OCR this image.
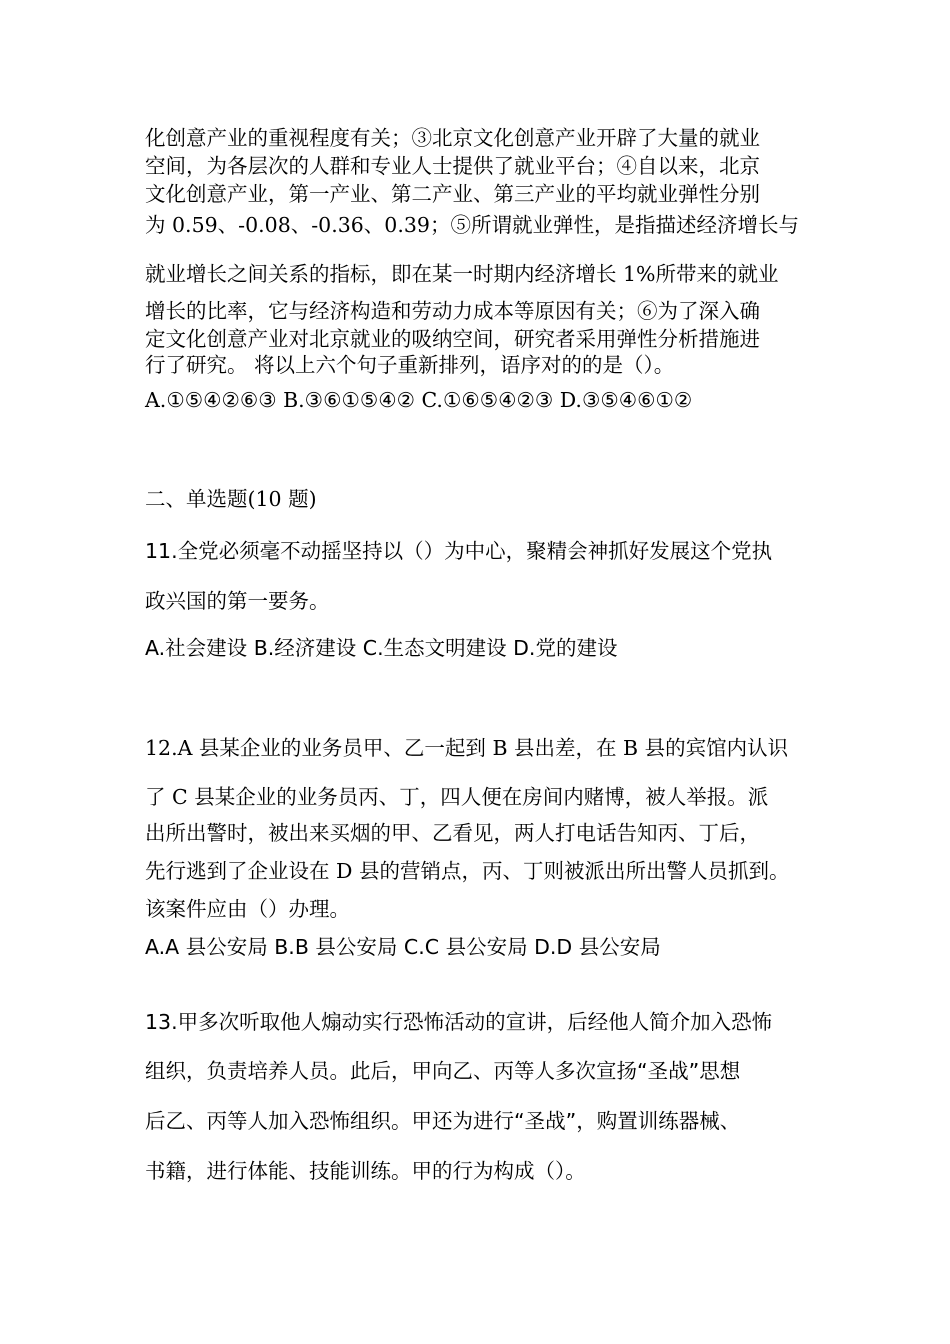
化创意产业的重视程度有关；③北京文化创意产业开辟了大量的就业
空间，为各层次的人群和专业人士提供了就业平台；④自以来，北京
文化创意产业，第一产业、第二产业、第三产业的平均就业弹性分别
为 0.59、-0.08、-0.36、0.39；⑤所谓就业弹性，是指描述经济增长与
就业增长之间关系的指标，即在某一时期内经济增长 1%所带来的就业
增长的比率，它与经济构造和劳动力成本等原因有关；⑥为了深入确
定文化创意产业对北京就业的吸纳空间，研究者采用弹性分析措施进
行了研究。 将以上六个句子重新排列，语序对的的是（）。
A.①⑤④②⑥③ B.③⑥①⑤④② C.①⑥⑤④②③ D.③⑤④⑥①②
二、单选题(10 题)
11.全党必须毫不动摇坚持以（）为中心，聚精会神抓好发展这个党执
政兴国的第一要务。
A.社会建设 B.经济建设 C.生态文明建设 D.党的建设
12.A 县某企业的业务员甲、乙一起到 B 县出差，在 B 县的宾馆内认识
了 C 县某企业的业务员丙、丁，四人便在房间内赌博，被人举报。派
出所出警时，被出来买烟的甲、乙看见，两人打电话告知丙、丁后，
先行逃到了企业设在 D 县的营销点，丙、丁则被派出所出警人员抓到。
该案件应由（）办理。
A.A 县公安局 B.B 县公安局 C.C 县公安局 D.D 县公安局
13.甲多次听取他人煽动实行恐怖活动的宣讲，后经他人简介加入恐怖
组织，负责培养人员。此后，甲向乙、丙等人多次宣扬“圣战”思想
后乙、丙等人加入恐怖组织。甲还为进行“圣战”，购置训练器械、
书籍，进行体能、技能训练。甲的行为构成（）。
